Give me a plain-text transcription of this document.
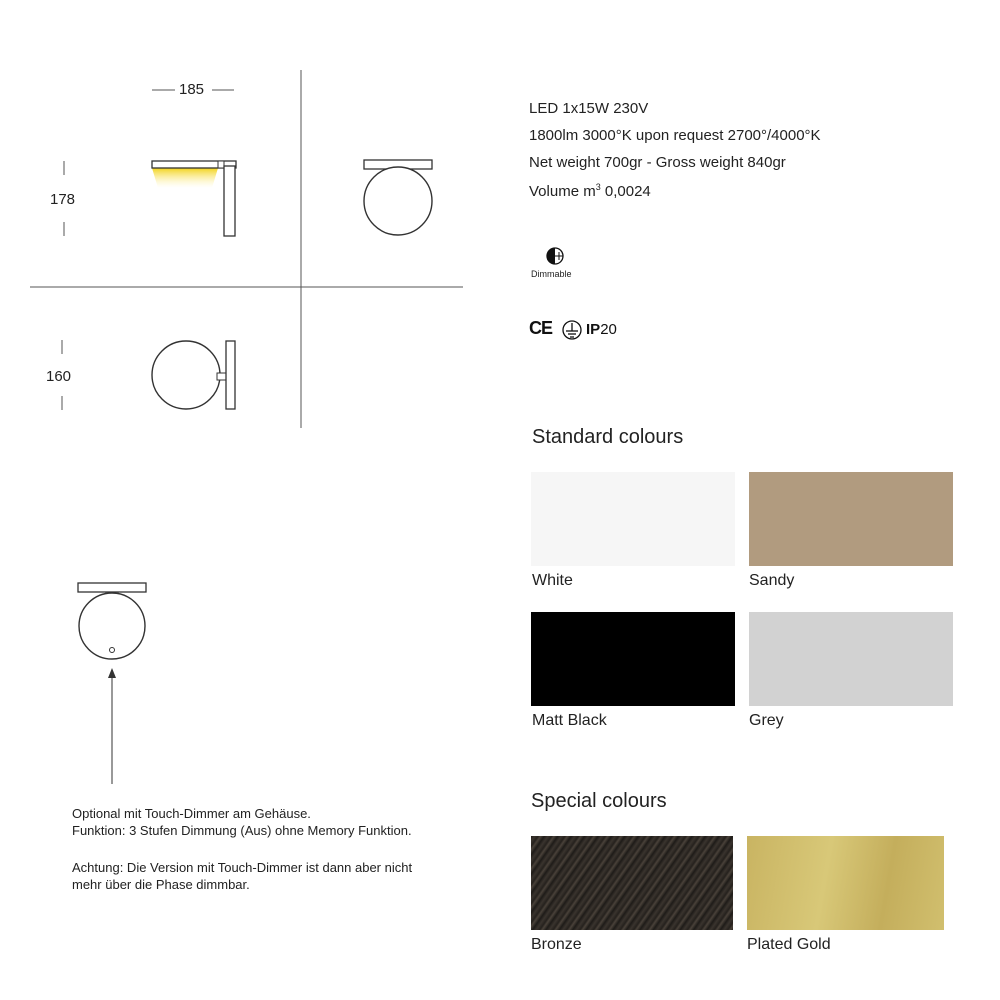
185
178
160
LED 1x15W 230V
1800lm 3000°K upon request 2700°/4000°K
Net weight 700gr - Gross weight 840gr
Volume $m^3$ 0,0024
Dimmable
CE IP20
Standard colours
White	Sandy
Matt Black	Grey
Special colours
Bronze	Plated Gold
Optional mit Touch-Dimmer am Gehäuse.
Funktion: 3 Stufen Dimmung (Aus) ohne Memory Funktion.
Achtung: Die Version mit Touch-Dimmer ist dann aber nicht
mehr über die Phase dimmbar.
